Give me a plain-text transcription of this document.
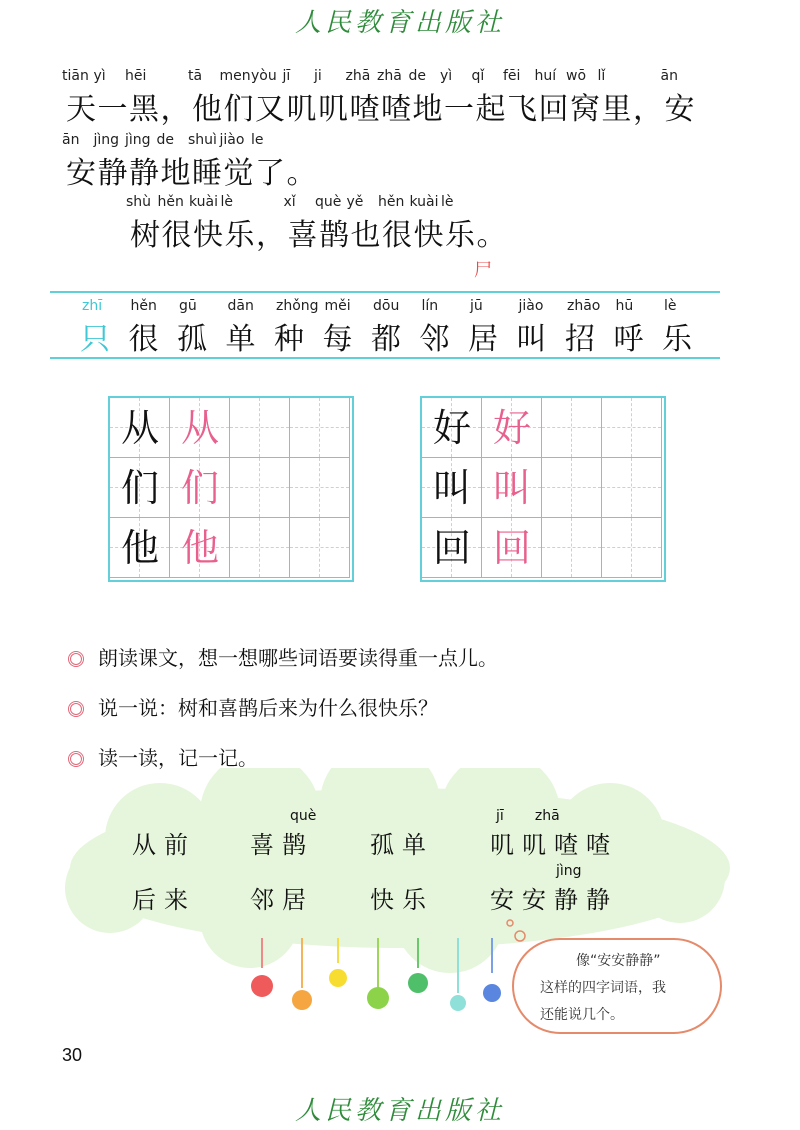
人民教育出版社
tiān
天
yì
一
hēi
黑 ，
tā
他
men
们
yòu
又
jī
叽
ji
叽
zhā
喳
zhā
喳
de
地
yì
一
qǐ
起
fēi
飞
huí
回
wō
窝
lǐ
里 ，
ān
安
ān
安
jìng
静
jìng
静
de
地
shuì
睡
jiào
觉
le
了 。
shù
树
hěn
很
kuài
快
lè
乐 ，
xǐ
喜
què
鹊
yě
也
hěn
很
kuài
快
lè
乐 。
尸
zhī
只
hěn
很
gū
孤
dān
单
zhǒng
种
měi
每
dōu
都
lín
邻
jū
居
jiào
叫
zhāo
招
hū
呼
lè
乐
从 从
们 们
他 他
好 好
叫 叫
回 回
朗读课文，想一想哪些词语要读得重一点儿。
说一说：树和喜鹊后来为什么很快乐？
读一读，记一记。
从前 喜鹊
què
孤单 叽叽喳喳
jī       zhā
后来 邻居 快乐 安安静静
jìng
像“安安静静”
这样的四字词语，我
还能说几个。
30
人民教育出版社
